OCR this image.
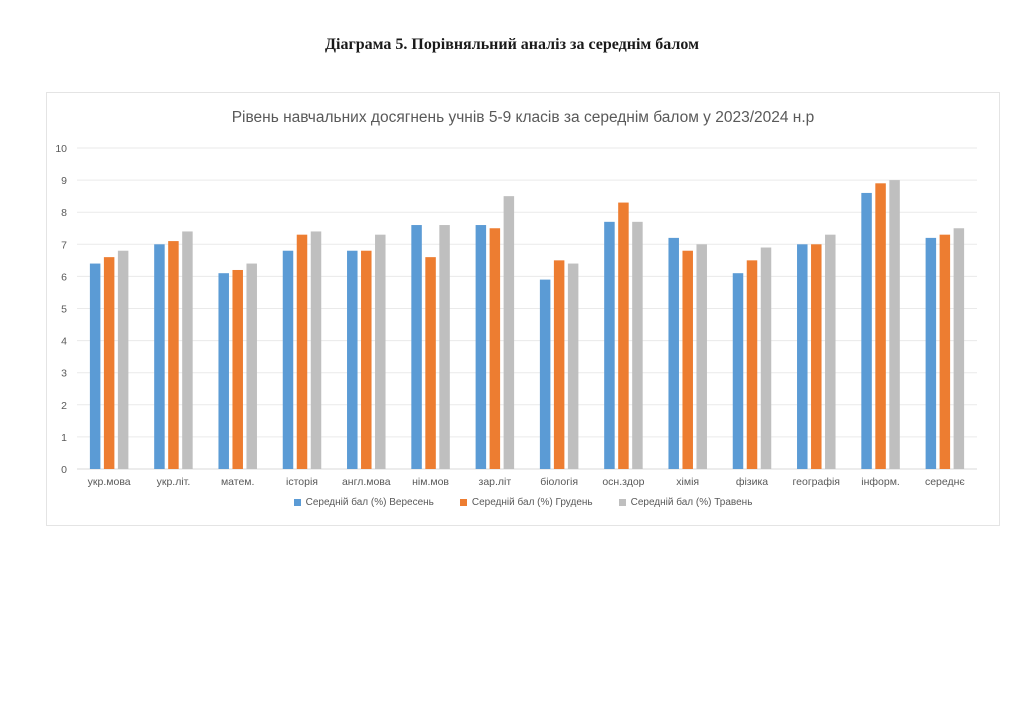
Діаграма 5. Порівняльний аналіз за середнім балом
Рівень навчальних досягнень учнів 5-9 класів за середнім балом у 2023/2024 н.р
0
1
2
3
4
5
6
7
8
9
10
укр.мова укр.літ.	матем.	історія англ.мова нім.мов	зар.літ	біологія осн.здор	хімія	фізика географія інформ. середнє
Середній бал (%) Вересень	Середній бал (%) Грудень	Середній бал (%) Травень
